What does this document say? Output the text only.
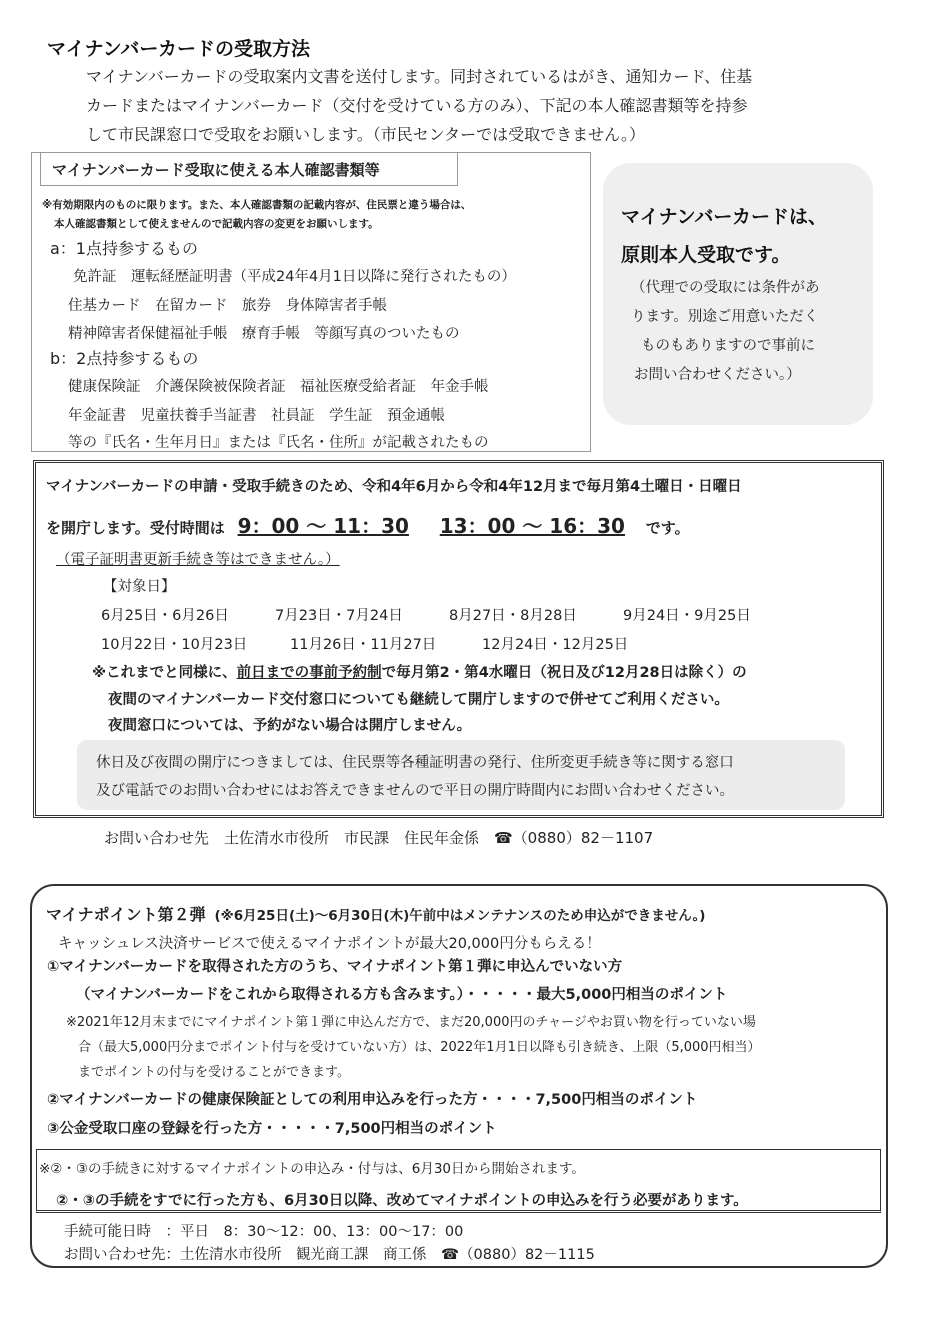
マイナンバーカードの受取方法
マイナンバーカードの受取案内文書を送付します。同封されているはがき、通知カード、住基
カードまたはマイナンバーカード（交付を受けている方のみ）、下記の本人確認書類等を持参
して市民課窓口で受取をお願いします。（市民センターでは受取できません。）
マイナンバーカード受取に使える本人確認書類等
※有効期限内のものに限ります。また、本人確認書類の記載内容が、住民票と違う場合は、
本人確認書類として使えませんので記載内容の変更をお願いします。
a：1点持参するもの
免許証　運転経歴証明書（平成24年4月1日以降に発行されたもの）
住基カード　在留カード　旅券　身体障害者手帳
精神障害者保健福祉手帳　療育手帳　等顔写真のついたもの
b：2点持参するもの
健康保険証　介護保険被保険者証　福祉医療受給者証　年金手帳
年金証書　児童扶養手当証書　社員証　学生証　預金通帳
等の『氏名・生年月日』または『氏名・住所』が記載されたもの
マイナンバーカードは、
原則本人受取です。
（代理での受取には条件があ
ります。別途ご用意いただく
ものもありますので事前に
お問い合わせください。）
マイナンバーカードの申請・受取手続きのため、令和4年6月から令和4年12月まで毎月第4土曜日・日曜日
を開庁します。受付時間は 9：00 ～ 11：30 13：00 ～ 16：30 です。
（電子証明書更新手続き等はできません。）
【対象日】
6月25日・6月26日	7月23日・7月24日	8月27日・8月28日	9月24日・9月25日
10月22日・10月23日	11月26日・11月27日	12月24日・12月25日
※これまでと同様に、前日までの事前予約制で毎月第2・第4水曜日（祝日及び12月28日は除く）の
夜間のマイナンバーカード交付窓口についても継続して開庁しますので併せてご利用ください。
夜間窓口については、予約がない場合は開庁しません。
休日及び夜間の開庁につきましては、住民票等各種証明書の発行、住所変更手続き等に関する窓口
及び電話でのお問い合わせにはお答えできませんので平日の開庁時間内にお問い合わせください。
お問い合わせ先　土佐清水市役所　市民課　住民年金係　☎（0880）82－1107
マイナポイント第２弾 (※6月25日(土)～6月30日(木)午前中はメンテナンスのため申込ができません。)
キャッシュレス決済サービスで使えるマイナポイントが最大20,000円分もらえる！
①マイナンバーカードを取得された方のうち、マイナポイント第１弾に申込んでいない方
（マイナンバーカードをこれから取得される方も含みます。）・・・・・最大5,000円相当のポイント
※2021年12月末までにマイナポイント第１弾に申込んだ方で、まだ20,000円のチャージやお買い物を行っていない場
合（最大5,000円分までポイント付与を受けていない方）は、2022年1月1日以降も引き続き、上限（5,000円相当）
までポイントの付与を受けることができます。
②マイナンバーカードの健康保険証としての利用申込みを行った方・・・・7,500円相当のポイント
③公金受取口座の登録を行った方・・・・・7,500円相当のポイント
※②・③の手続きに対するマイナポイントの申込み・付与は、6月30日から開始されます。
②・③の手続をすでに行った方も、6月30日以降、改めてマイナポイントの申込みを行う必要があります。
手続可能日時　：平日　8：30～12：00、13：00～17：00
お問い合わせ先：土佐清水市役所　観光商工課　商工係　☎（0880）82－1115
